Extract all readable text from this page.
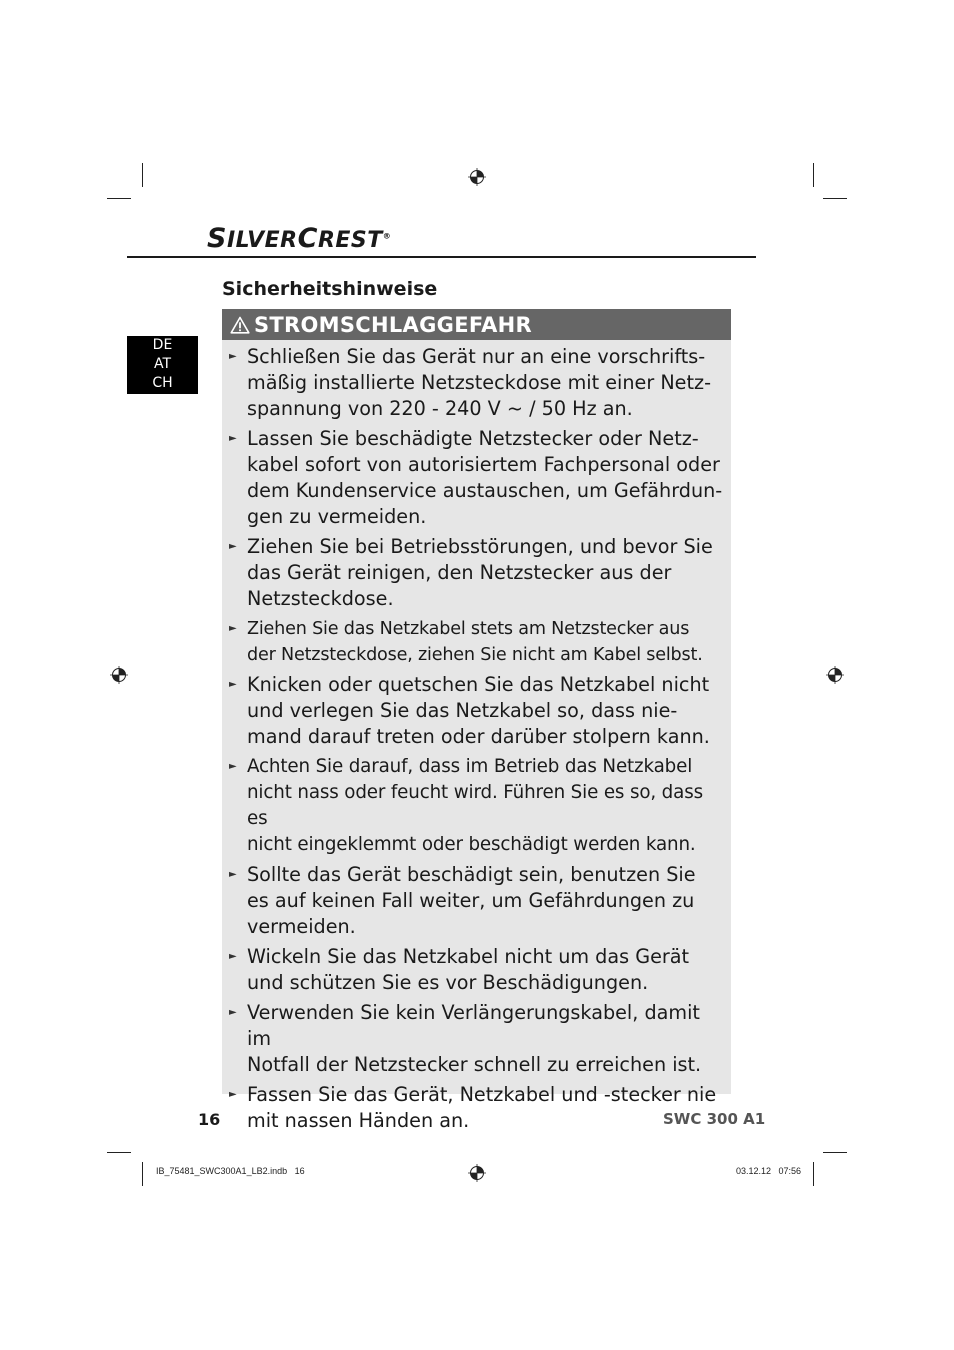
SILVERCREST®
DE
AT
CH
Sicherheitshinweise
STROMSCHLAGGEFAHR
► Schließen Sie das Gerät nur an eine vorschrifts-
mäßig installierte Netzsteckdose mit einer Netz-
spannung von 220 - 240 V ~ / 50 Hz an.
► Lassen Sie beschädigte Netzstecker oder Netz-
kabel sofort von autorisiertem Fachpersonal oder
dem Kundenservice austauschen, um Gefährdun-
gen zu vermeiden.
► Ziehen Sie bei Betriebsstörungen, und bevor Sie
das Gerät reinigen, den Netzstecker aus der
Netzsteckdose.
► Ziehen Sie das Netzkabel stets am Netzstecker aus
der Netzsteckdose, ziehen Sie nicht am Kabel selbst.
► Knicken oder quetschen Sie das Netzkabel nicht
und verlegen Sie das Netzkabel so, dass nie-
mand darauf treten oder darüber stolpern kann.
► Achten Sie darauf, dass im Betrieb das Netzkabel
nicht nass oder feucht wird. Führen Sie es so, dass es
nicht eingeklemmt oder beschädigt werden kann.
► Sollte das Gerät beschädigt sein, benutzen Sie
es auf keinen Fall weiter, um Gefährdungen zu
vermeiden.
► Wickeln Sie das Netzkabel nicht um das Gerät
und schützen Sie es vor Beschädigungen.
► Verwenden Sie kein Verlängerungskabel, damit im
Notfall der Netzstecker schnell zu erreichen ist.
► Fassen Sie das Gerät, Netzkabel und -stecker nie
mit nassen Händen an.
16	SWC 300 A1
IB_75481_SWC300A1_LB2.indb   16	03.12.12   07:56
